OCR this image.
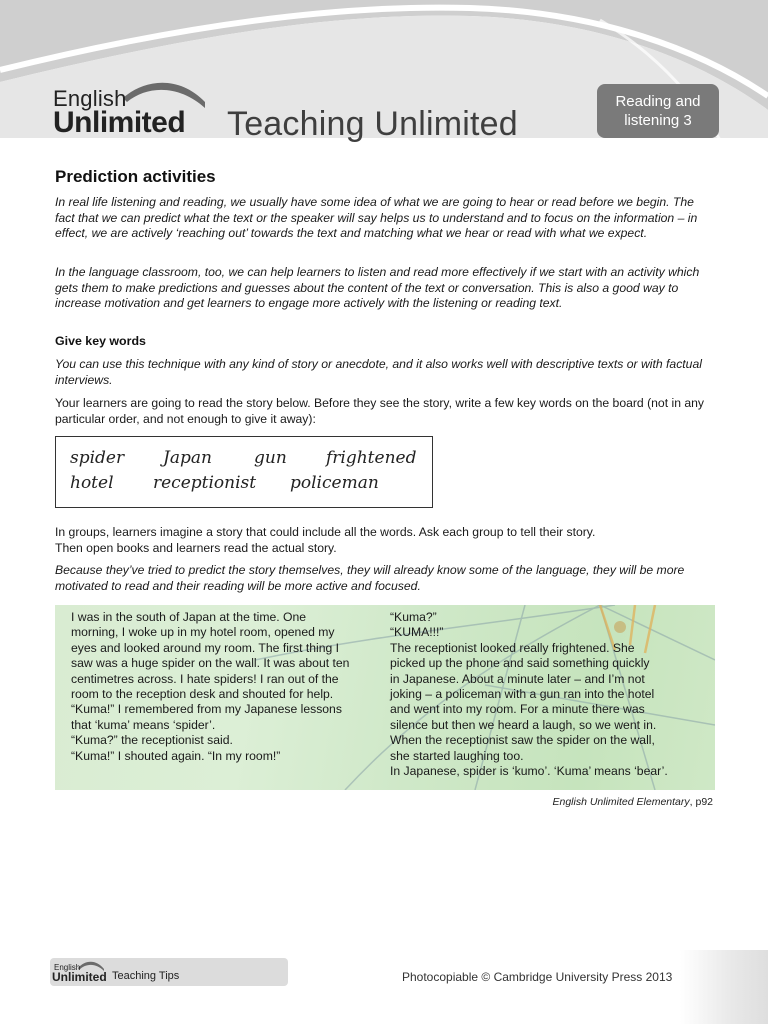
English
Unlimited Teaching Unlimited
Reading and
listening 3
Prediction activities

In real life listening and reading, we usually have some idea of what we are going to hear or read before we begin. The fact that we can predict what the text or the speaker will say helps us to understand and to focus on the information – in effect, we are actively ‘reaching out’ towards the text and matching what we hear or read with what we expect.

In the language classroom, too, we can help learners to listen and read more effectively if we start with an activity which gets them to make predictions and guesses about the content of the text or conversation. This is also a good way to increase motivation and get learners to engage more actively with the listening or reading text.

Give key words

You can use this technique with any kind of story or anecdote, and it also works well with descriptive texts or with factual interviews.

Your learners are going to read the story below. Before they see the story, write a few key words on the board (not in any particular order, and not enough to give it away):

spider Japan gun frightened
hotel receptionist policeman

In groups, learners imagine a story that could include all the words. Ask each group to tell their story.

Then open books and learners read the actual story.

Because they’ve tried to predict the story themselves, they will already know some of the language, they will be more motivated to read and their reading will be more active and focused.

I was in the south of Japan at the time. One
morning, I woke up in my hotel room, opened my
eyes and looked around my room. The first thing I
saw was a huge spider on the wall. It was about ten
centimetres across. I hate spiders! I ran out of the
room to the reception desk and shouted for help.
“Kuma!” I remembered from my Japanese lessons
that ‘kuma’ means ‘spider’.
“Kuma?” the receptionist said.
“Kuma!” I shouted again. “In my room!”
“Kuma?”
“KUMA!!!”
The receptionist looked really frightened. She
picked up the phone and said something quickly
in Japanese. About a minute later – and I’m not
joking – a policeman with a gun ran into the hotel
and went into my room. For a minute there was
silence but then we heard a laugh, so we went in.
When the receptionist saw the spider on the wall,
she started laughing too.
In Japanese, spider is ‘kumo’. ‘Kuma’ means ‘bear’.
English Unlimited Elementary, p92
English
Unlimited Teaching Tips	Photocopiable © Cambridge University Press 2013
